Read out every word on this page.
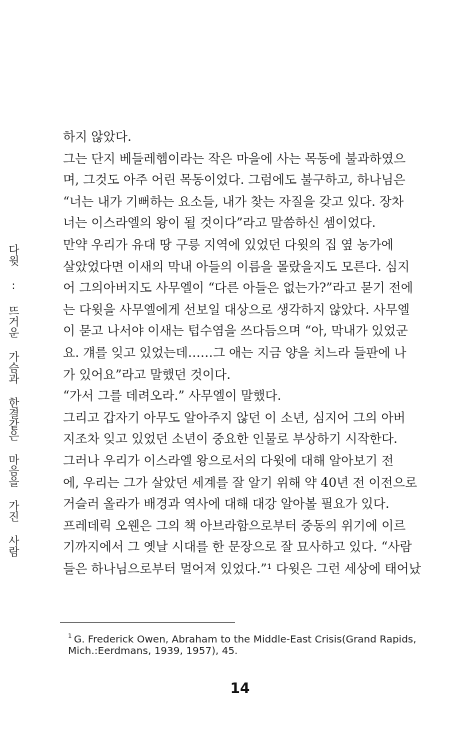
다윗 : 뜨거운 가슴과 한결같은 마음을 가진 사람
하지 않았다.
그는 단지 베들레헴이라는 작은 마을에 사는 목동에 불과하였으
며, 그것도 아주 어린 목동이었다. 그럼에도 불구하고, 하나님은
“너는 내가 기뻐하는 요소들, 내가 찾는 자질을 갖고 있다. 장차
너는 이스라엘의 왕이 될 것이다”라고 말씀하신 셈이었다.
만약 우리가 유대 땅 구릉 지역에 있었던 다윗의 집 옆 농가에
살았었다면 이새의 막내 아들의 이름을 몰랐을지도 모른다. 심지
어 그의아버지도 사무엘이 “다른 아들은 없는가?”라고 묻기 전에
는 다윗을 사무엘에게 선보일 대상으로 생각하지 않았다. 사무엘
이 묻고 나서야 이새는 텁수염을 쓰다듬으며 “아, 막내가 있었군
요. 걔를 잊고 있었는데……그 애는 지금 양을 치느라 들판에 나
가 있어요”라고 말했던 것이다.
“가서 그를 데려오라.” 사무엘이 말했다.
그리고 갑자기 아무도 알아주지 않던 이 소년, 심지어 그의 아버
지조차 잊고 있었던 소년이 중요한 인물로 부상하기 시작한다.
그러나 우리가 이스라엘 왕으로서의 다윗에 대해 알아보기 전
에, 우리는 그가 살았던 세계를 잘 알기 위해 약 40년 전 이전으로
거슬러 올라가 배경과 역사에 대해 대강 알아볼 필요가 있다.
프레데릭 오웬은 그의 책 아브라함으로부터 중동의 위기에 이르
기까지에서 그 옛날 시대를 한 문장으로 잘 묘사하고 있다. “사람
들은 하나님으로부터 멀어져 있었다.”¹ 다윗은 그런 세상에 태어났
$^1$ G. Frederick Owen, Abraham to the Middle-East Crisis(Grand Rapids,
Mich.:Eerdmans, 1939, 1957), 45.
14
